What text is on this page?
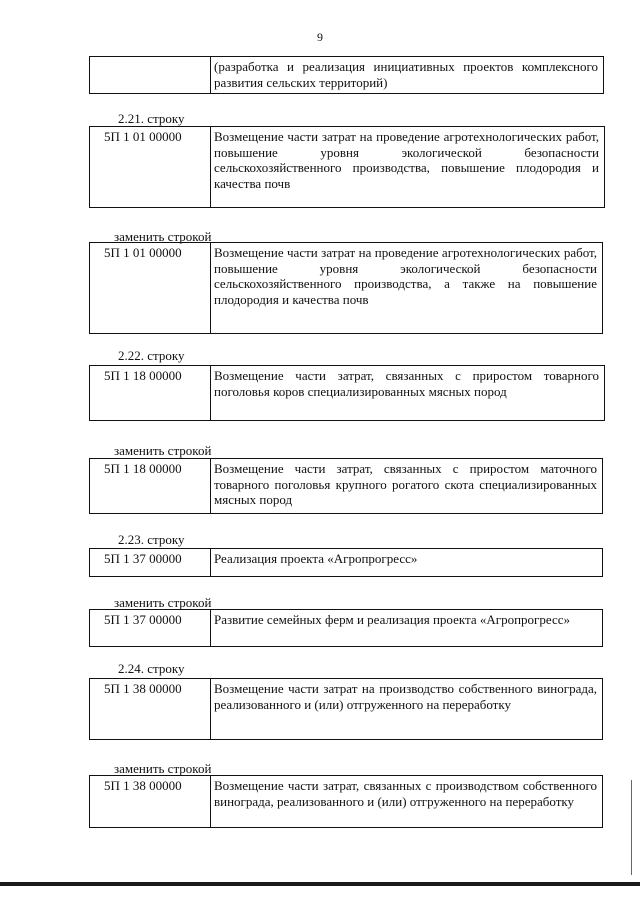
9
(разработка и реализация инициативных проектов комплексного развития сельских территорий)
2.21. строку
5П 1 01 00000	Возмещение части затрат на проведение агротехнологических работ, повышение уровня экологической безопасности сельскохозяйственного производства, повышение плодородия и качества почв
заменить строкой
5П 1 01 00000	Возмещение части затрат на проведение агротехнологических работ, повышение уровня экологической безопасности сельскохозяйственного производства, а также на повышение плодородия и качества почв
2.22. строку
5П 1 18 00000	Возмещение части затрат, связанных с приростом товарного поголовья коров специализированных мясных пород
заменить строкой
5П 1 18 00000	Возмещение части затрат, связанных с приростом маточного товарного поголовья крупного рогатого скота специализированных мясных пород
2.23. строку
5П 1 37 00000	Реализация проекта «Агропрогресс»
заменить строкой
5П 1 37 00000	Развитие семейных ферм и реализация проекта «Агропрогресс»
2.24. строку
5П 1 38 00000	Возмещение части затрат на производство собственного винограда, реализованного и (или) отгруженного на переработку
заменить строкой
5П 1 38 00000	Возмещение части затрат, связанных с производством собственного винограда, реализованного и (или) отгруженного на переработку
